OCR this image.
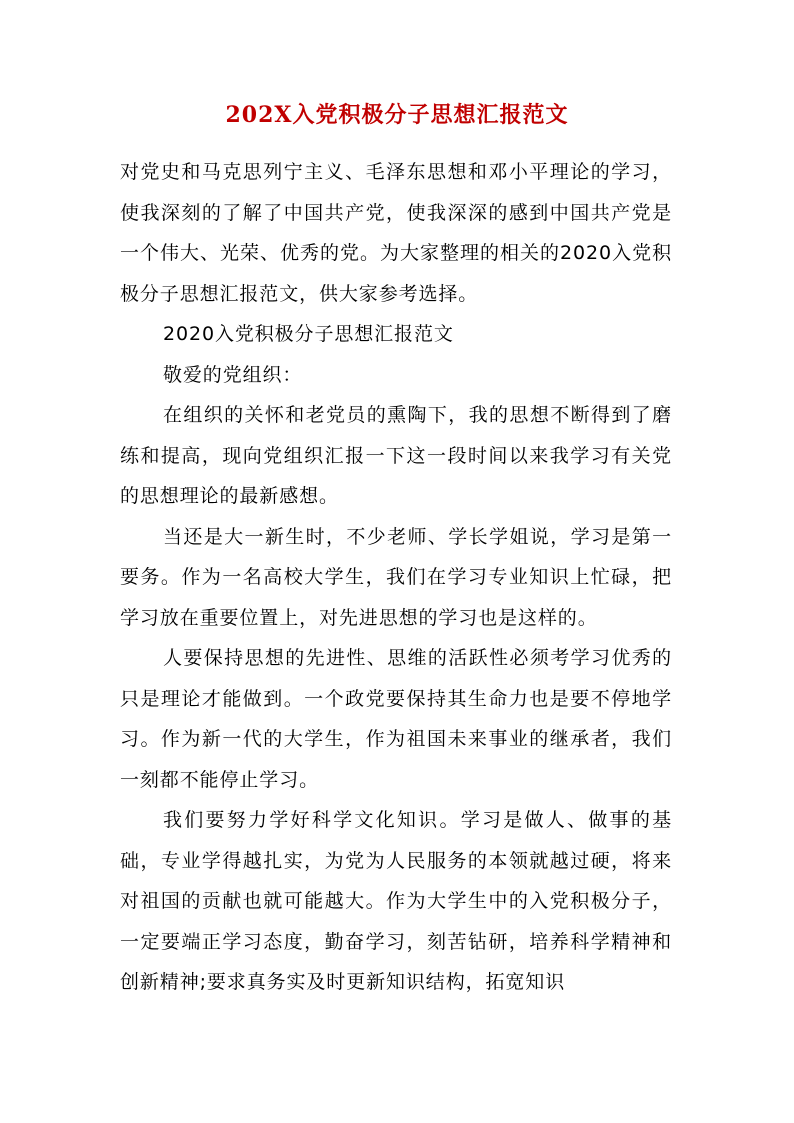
202X入党积极分子思想汇报范文

对党史和马克思列宁主义、毛泽东思想和邓小平理论的学习，使我深刻的了解了中国共产党，使我深深的感到中国共产党是一个伟大、光荣、优秀的党。为大家整理的相关的2020入党积极分子思想汇报范文，供大家参考选择。

2020入党积极分子思想汇报范文

敬爱的党组织：

在组织的关怀和老党员的熏陶下，我的思想不断得到了磨练和提高，现向党组织汇报一下这一段时间以来我学习有关党的思想理论的最新感想。

当还是大一新生时，不少老师、学长学姐说，学习是第一要务。作为一名高校大学生，我们在学习专业知识上忙碌，把学习放在重要位置上，对先进思想的学习也是这样的。

人要保持思想的先进性、思维的活跃性必须考学习优秀的只是理论才能做到。一个政党要保持其生命力也是要不停地学习。作为新一代的大学生，作为祖国未来事业的继承者，我们一刻都不能停止学习。

我们要努力学好科学文化知识。学习是做人、做事的基础，专业学得越扎实，为党为人民服务的本领就越过硬，将来对祖国的贡献也就可能越大。作为大学生中的入党积极分子，一定要端正学习态度，勤奋学习，刻苦钻研，培养科学精神和创新精神;要求真务实及时更新知识结构，拓宽知识
